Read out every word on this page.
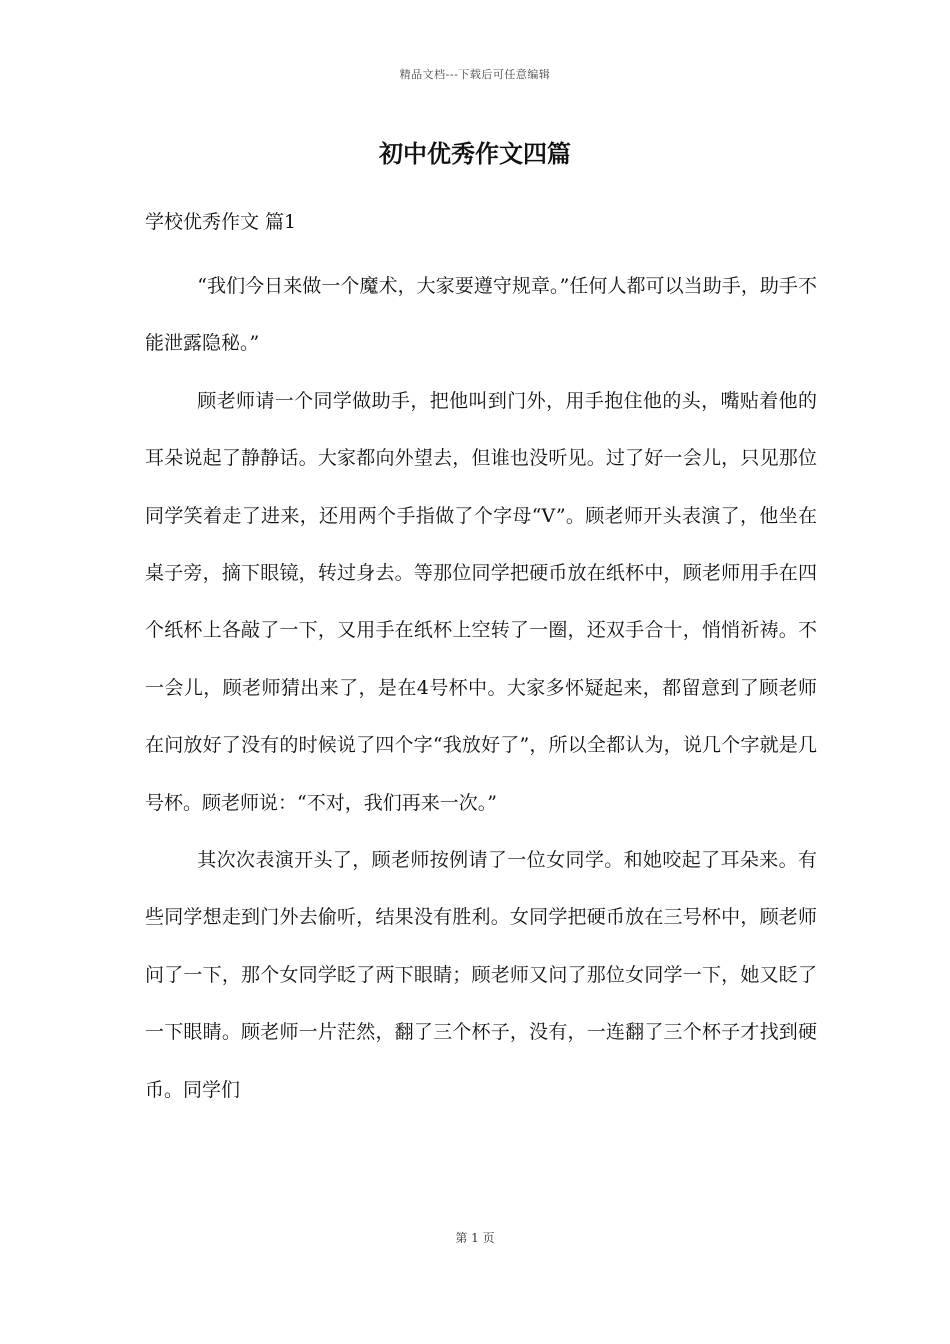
精品文档---下载后可任意编辑
初中优秀作文四篇
学校优秀作文 篇1

“我们今日来做一个魔术，大家要遵守规章。”任何人都可以当助手，助手不能泄露隐秘。”

顾老师请一个同学做助手，把他叫到门外，用手抱住他的头，嘴贴着他的耳朵说起了静静话。大家都向外望去，但谁也没听见。过了好一会儿，只见那位同学笑着走了进来，还用两个手指做了个字母“V”。顾老师开头表演了，他坐在桌子旁，摘下眼镜，转过身去。等那位同学把硬币放在纸杯中，顾老师用手在四个纸杯上各敲了一下，又用手在纸杯上空转了一圈，还双手合十，悄悄祈祷。不一会儿，顾老师猜出来了，是在4号杯中。大家多怀疑起来，都留意到了顾老师在问放好了没有的时候说了四个字“我放好了”，所以全都认为，说几个字就是几号杯。顾老师说：“不对，我们再来一次。”

其次次表演开头了，顾老师按例请了一位女同学。和她咬起了耳朵来。有些同学想走到门外去偷听，结果没有胜利。女同学把硬币放在三号杯中，顾老师问了一下，那个女同学眨了两下眼睛；顾老师又问了那位女同学一下，她又眨了一下眼睛。顾老师一片茫然，翻了三个杯子，没有，一连翻了三个杯子才找到硬币。同学们

第 1 页
